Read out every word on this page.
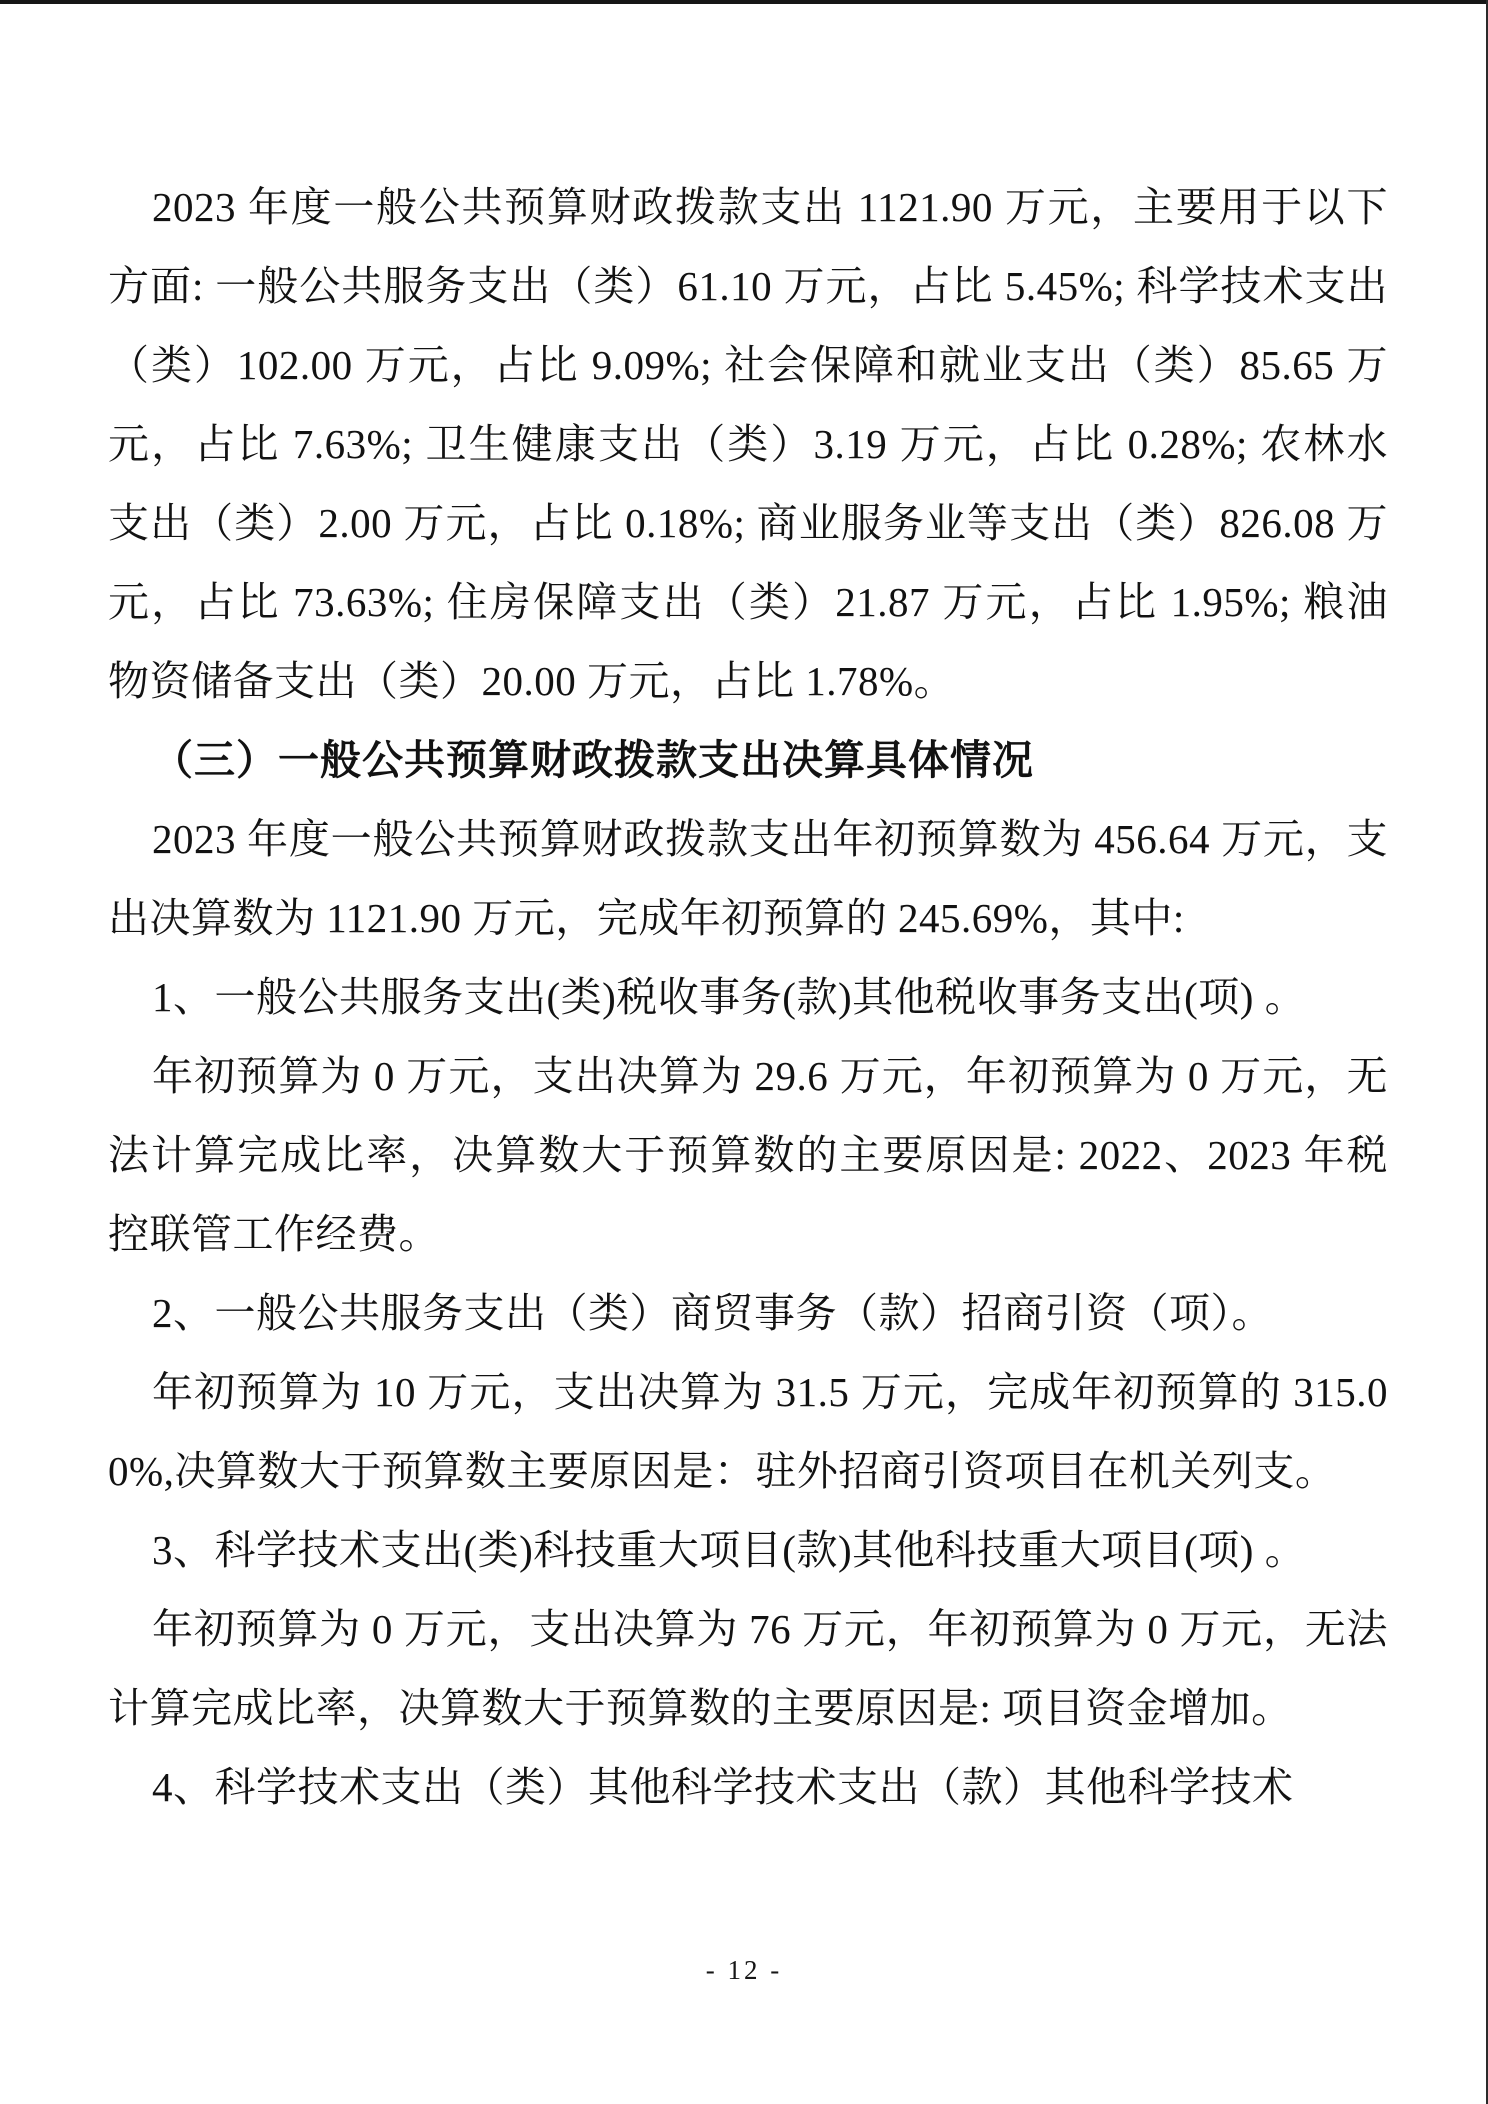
2023 年度一般公共预算财政拨款支出 1121.90 万元，主要用于以下方面: 一般公共服务支出（类）61.10 万元，占比 5.45%; 科学技术支出（类）102.00 万元，占比 9.09%; 社会保障和就业支出（类）85.65 万元，占比 7.63%; 卫生健康支出（类）3.19 万元，占比 0.28%; 农林水支出（类）2.00 万元，占比 0.18%; 商业服务业等支出（类）826.08 万元，占比 73.63%; 住房保障支出（类）21.87 万元，占比 1.95%; 粮油物资储备支出（类）20.00 万元，占比 1.78%。

（三）一般公共预算财政拨款支出决算具体情况

2023 年度一般公共预算财政拨款支出年初预算数为 456.64 万元，支出决算数为 1121.90 万元，完成年初预算的 245.69%，其中:

1、一般公共服务支出(类)税收事务(款)其他税收事务支出(项) 。

年初预算为 0 万元，支出决算为 29.6 万元，年初预算为 0 万元，无法计算完成比率，决算数大于预算数的主要原因是: 2022、2023 年税控联管工作经费。

2、一般公共服务支出（类）商贸事务（款）招商引资（项）。

年初预算为 10 万元，支出决算为 31.5 万元，完成年初预算的 315.00%,决算数大于预算数主要原因是：驻外招商引资项目在机关列支。

3、科学技术支出(类)科技重大项目(款)其他科技重大项目(项) 。

年初预算为 0 万元，支出决算为 76 万元，年初预算为 0 万元，无法计算完成比率，决算数大于预算数的主要原因是: 项目资金增加。

4、科学技术支出（类）其他科学技术支出（款）其他科学技术

- 12 -
